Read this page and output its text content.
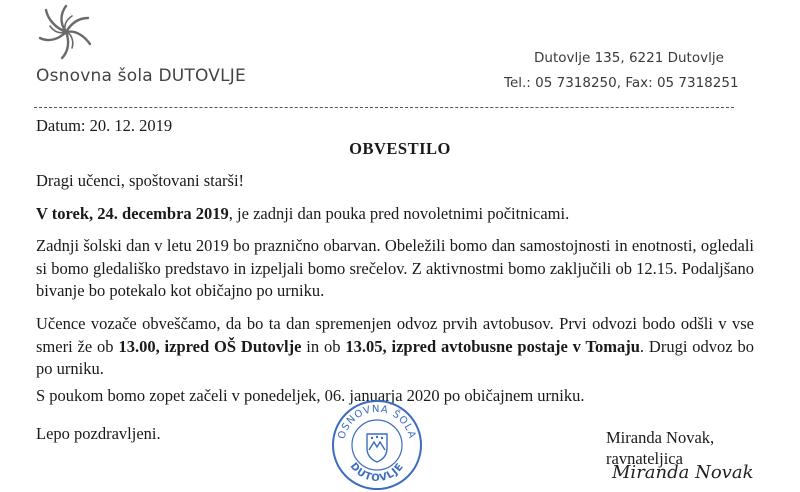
Osnovna šola DUTOVLJE
Dutovlje 135, 6221 Dutovlje
Tel.: 05 7318250, Fax: 05 7318251
Datum: 20. 12. 2019
OBVESTILO
Dragi učenci, spoštovani starši!
V torek, 24. decembra 2019, je zadnji dan pouka pred novoletnimi počitnicami.
Zadnji šolski dan v letu 2019 bo praznično obarvan. Obeležili bomo dan samostojnosti in enotnosti, ogledali si bomo gledališko predstavo in izpeljali bomo srečelov. Z aktivnostmi bomo zaključili ob 12.15. Podaljšano bivanje bo potekalo kot običajno po urniku.
Učence vozače obveščamo, da bo ta dan spremenjen odvoz prvih avtobusov. Prvi odvozi bodo odšli v vse smeri že ob 13.00, izpred OŠ Dutovlje in ob 13.05, izpred avtobusne postaje v Tomaju. Drugi odvoz bo po urniku.
S poukom bomo zopet začeli v ponedeljek, 06. januarja 2020 po običajnem urniku.
Lepo pozdravljeni.	OSNOVNA ŠOLA
DUTOVLJE
Miranda Novak,
ravnateljica
Miranda Novak
